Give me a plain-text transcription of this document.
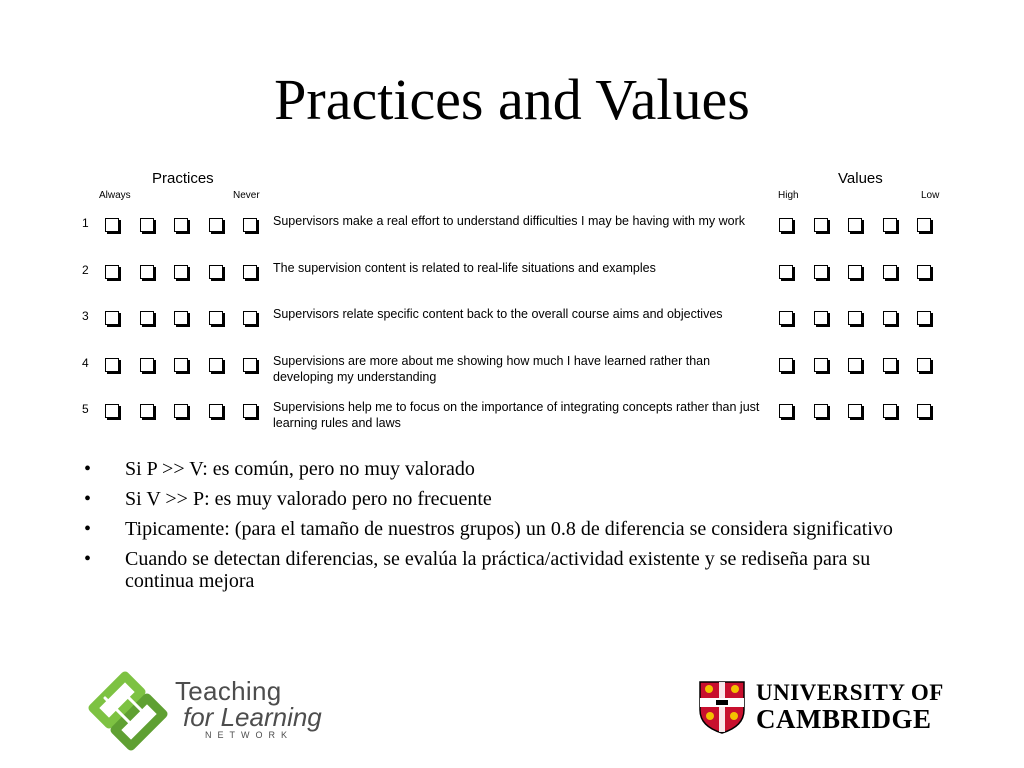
Practices and Values
Practices	Values
Always	Never	High	Low
1	Supervisors make a real effort to understand difficulties I may be having with my work
2	The supervision content is related to real-life situations and examples
3	Supervisors relate specific content back to the overall course aims and objectives
4	Supervisions are more about me showing how much I have learned rather than developing my understanding
5	Supervisions help me to focus on the importance of integrating concepts rather than just learning rules and laws
• Si P >> V: es común, pero no muy valorado
• Si V >> P: es muy valorado pero no frecuente
• Tipicamente: (para el tamaño de nuestros grupos) un 0.8 de diferencia se considera significativo
• Cuando se detectan diferencias, se evalúa la práctica/actividad existente y se rediseña para su continua mejora
Teaching
for Learning
NETWORK
UNIVERSITY OF
CAMBRIDGE
